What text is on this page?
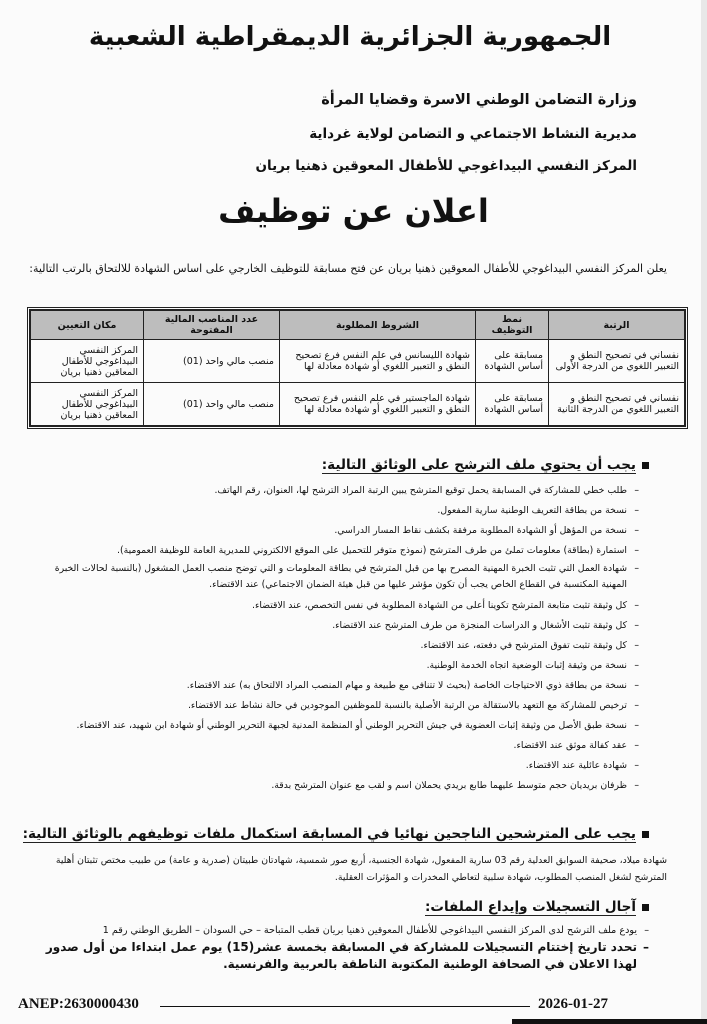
الجمهورية الجزائرية الديمقراطية الشعبية
وزارة التضامن الوطني الاسرة وقضايا المرأة
مديرية النشاط الاجتماعي و التضامن لولاية غرداية
المركز النفسي البيداغوجي للأطفال المعوقين ذهنيا بريان
اعلان عن توظيف
يعلن المركز النفسي البيداغوجي للأطفال المعوقين ذهنيا بريان عن فتح مسابقة للتوظيف الخارجي على اساس الشهادة للالتحاق بالرتب التالية:
الرتبة	نمط التوظيف	الشروط المطلوبة	عدد المناصب المالية المفتوحة	مكان التعيين
نفساني في تصحيح النطق و التعبير اللغوي من الدرجة الأولى	مسابقة على أساس الشهادة	شهادة الليسانس في علم النفس فرع تصحيح النطق و التعبير اللغوي أو شهادة معادلة لها	منصب مالي واحد (01)	المركز النفسي البيداغوجي للأطفال المعاقين ذهنيا بريان
نفساني في تصحيح النطق و التعبير اللغوي من الدرجة الثانية	مسابقة على أساس الشهادة	شهادة الماجستير في علم النفس فرع تصحيح النطق و التعبير اللغوي أو شهادة معادلة لها	منصب مالي واحد (01)	المركز النفسي البيداغوجي للأطفال المعاقين ذهنيا بريان
يجب أن يحتوي ملف الترشح على الوثائق التالية:
– طلب خطي للمشاركة في المسابقة يحمل توقيع المترشح يبين الرتبة المراد الترشح لها، العنوان، رقم الهاتف.
– نسخة من بطاقة التعريف الوطنية سارية المفعول.
– نسخة من المؤهل أو الشهادة المطلوبة مرفقة بكشف نقاط المسار الدراسي.
– استمارة (بطاقة) معلومات تملئ من طرف المترشح (نموذج متوفر للتحميل على الموقع الالكتروني للمديرية العامة للوظيفة العمومية).
– شهادة العمل التي تثبت الخبرة المهنية المصرح بها من قبل المترشح في بطاقة المعلومات و التي توضح منصب العمل المشغول (بالنسبة لحالات الخبرة المهنية المكتسبة في القطاع الخاص يجب أن تكون مؤشر عليها من قبل هيئة الضمان الاجتماعي) عند الاقتضاء.
– كل وثيقة تثبت متابعة المترشح تكوينا أعلى من الشهادة المطلوبة في نفس التخصص، عند الاقتضاء.
– كل وثيقة تثبت الأشغال و الدراسات المنجزة من طرف المترشح عند الاقتضاء.
– كل وثيقة تثبت تفوق المترشح في دفعته، عند الاقتضاء.
– نسخة من وثيقة إثبات الوضعية اتجاه الخدمة الوطنية.
– نسخة من بطاقة ذوي الاحتياجات الخاصة (بحيث لا تتنافى مع طبيعة و مهام المنصب المراد الالتحاق به) عند الاقتضاء.
– ترخيص للمشاركة مع التعهد بالاستقالة من الرتبة الأصلية بالنسبة للموظفين الموجودين في حالة نشاط عند الاقتضاء.
– نسخة طبق الأصل من وثيقة إثبات العضوية في جيش التحرير الوطني أو المنظمة المدنية لجبهة التحرير الوطني أو شهادة ابن شهيد، عند الاقتضاء.
– عقد كفالة موثق عند الاقتضاء.
– شهادة عائلية عند الاقتضاء.
– ظرفان بريديان حجم متوسط عليهما طابع بريدي يحملان اسم و لقب مع عنوان المترشح بدقة.
يجب على المترشحين الناجحين نهائيا في المسابقة استكمال ملفات توظيفهم بالوثائق التالية:
شهادة ميلاد، صحيفة السوابق العدلية رقم 03 سارية المفعول، شهادة الجنسية، أربع صور شمسية، شهادتان طبيتان (صدرية و عامة) من طبيب مختص تثبتان أهلية المترشح لشغل المنصب المطلوب، شهادة سلبية لتعاطي المخدرات و المؤثرات العقلية.
آجال التسجيلات وإيداع الملفات:
– يودع ملف الترشح لدى المركز النفسي البيداغوجي للأطفال المعوقين ذهنيا بريان قطب المتباحة – حي السودان – الطريق الوطني رقم 1
– تحدد تاريخ إختتام التسجيلات للمشاركة في المسابقة بخمسة عشر(15) يوم عمل ابتداءا من أول صدور لهذا الاعلان في الصحافة الوطنية المكتوبة الناطقة بالعربية والفرنسية.
ANEP:2630000430	2026-01-27
